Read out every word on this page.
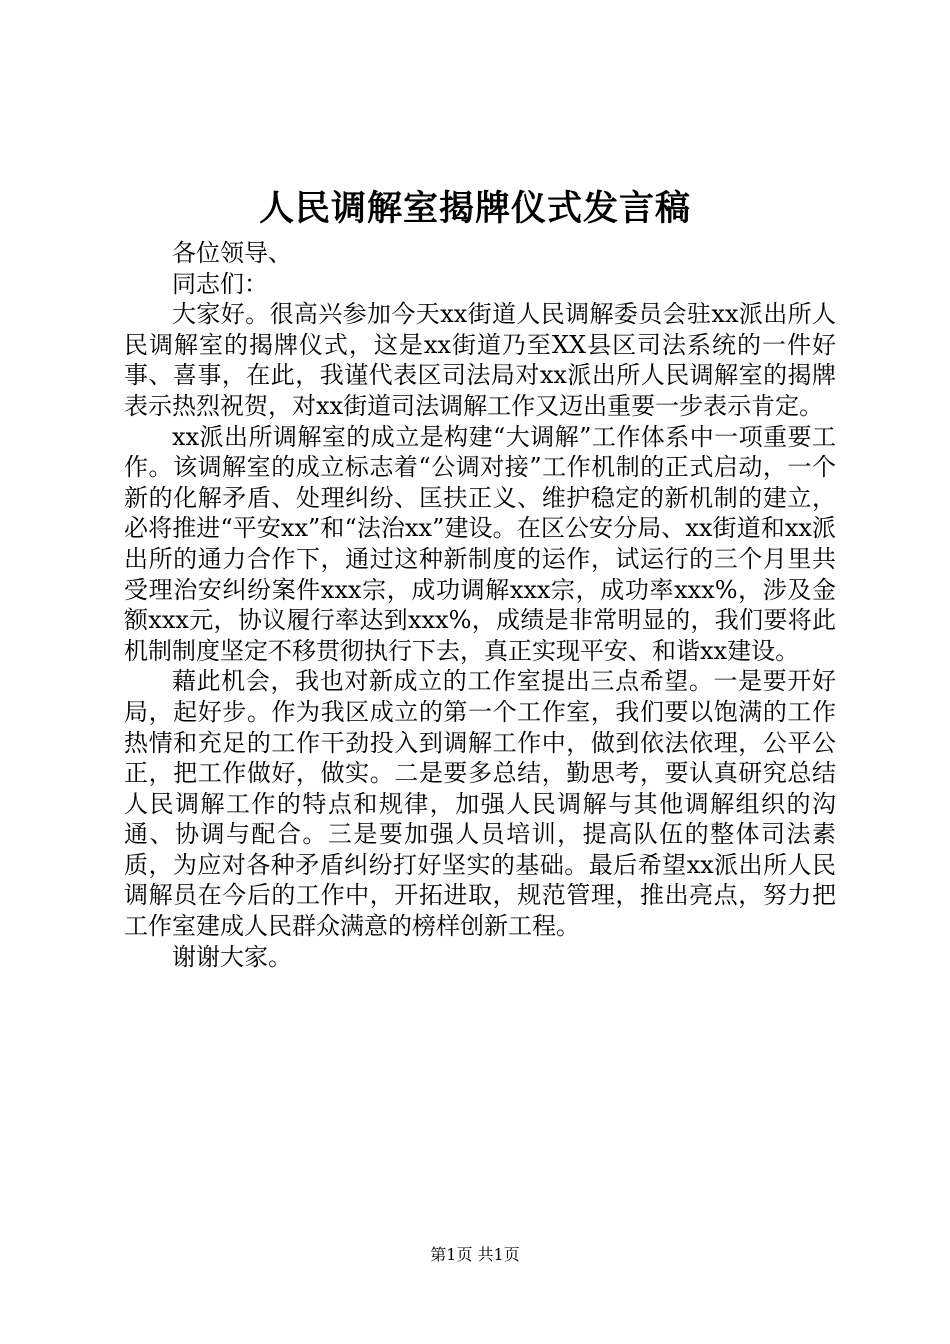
人民调解室揭牌仪式发言稿

各位领导、

同志们：

大家好。很高兴参加今天xx街道人民调解委员会驻xx派出所人民调解室的揭牌仪式，这是xx街道乃至XX县区司法系统的一件好事、喜事，在此，我谨代表区司法局对xx派出所人民调解室的揭牌表示热烈祝贺，对xx街道司法调解工作又迈出重要一步表示肯定。

xx派出所调解室的成立是构建“大调解”工作体系中一项重要工作。该调解室的成立标志着“公调对接”工作机制的正式启动，一个新的化解矛盾、处理纠纷、匡扶正义、维护稳定的新机制的建立，必将推进“平安xx”和“法治xx”建设。在区公安分局、xx街道和xx派出所的通力合作下，通过这种新制度的运作，试运行的三个月里共受理治安纠纷案件xxx宗，成功调解xxx宗，成功率xxx%，涉及金额xxx元，协议履行率达到xxx%，成绩是非常明显的，我们要将此机制制度坚定不移贯彻执行下去，真正实现平安、和谐xx建设。

藉此机会，我也对新成立的工作室提出三点希望。一是要开好局，起好步。作为我区成立的第一个工作室，我们要以饱满的工作热情和充足的工作干劲投入到调解工作中，做到依法依理，公平公正，把工作做好，做实。二是要多总结，勤思考，要认真研究总结人民调解工作的特点和规律，加强人民调解与其他调解组织的沟通、协调与配合。三是要加强人员培训，提高队伍的整体司法素质，为应对各种矛盾纠纷打好坚实的基础。最后希望xx派出所人民调解员在今后的工作中，开拓进取，规范管理，推出亮点，努力把工作室建成人民群众满意的榜样创新工程。

谢谢大家。

第1页 共1页
